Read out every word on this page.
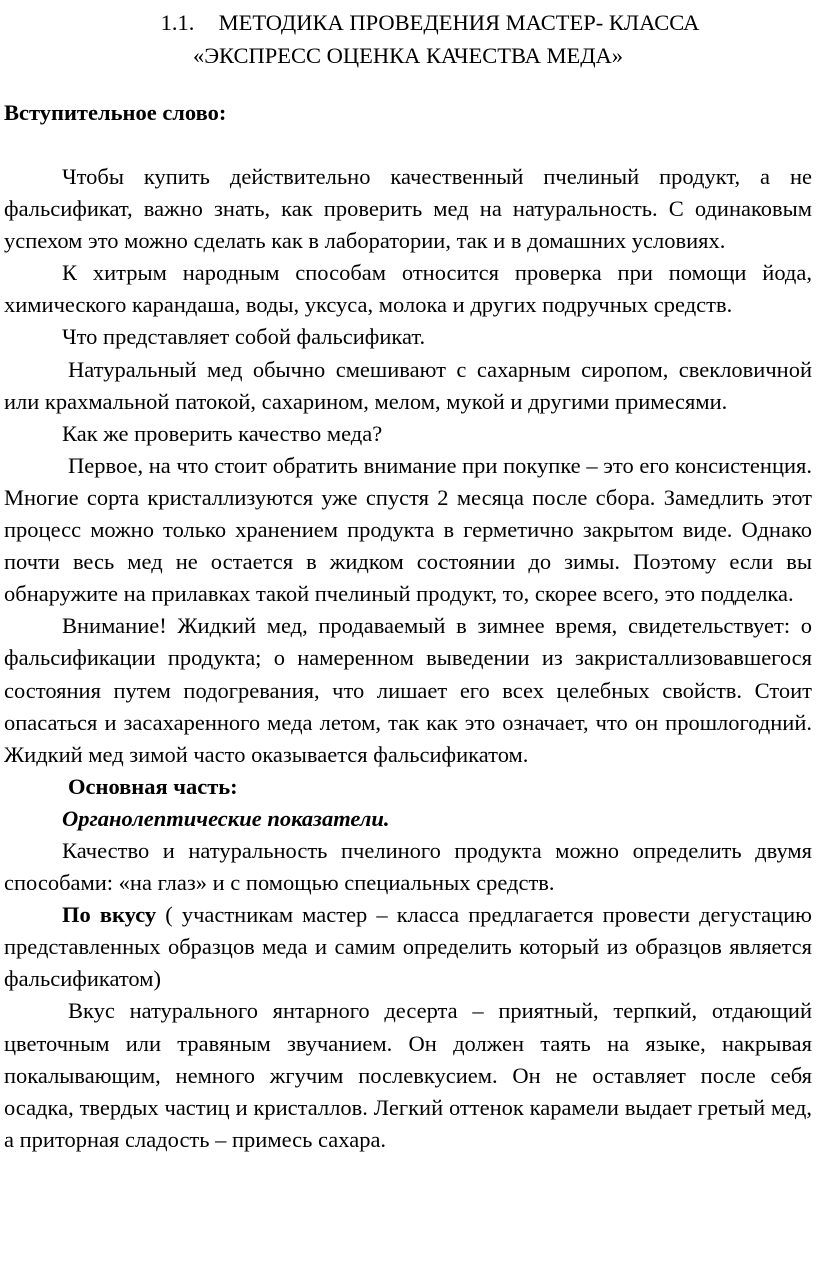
1.1. МЕТОДИКА ПРОВЕДЕНИЯ МАСТЕР- КЛАССА
«ЭКСПРЕСС ОЦЕНКА КАЧЕСТВА МЕДА»
Вступительное слово:

Чтобы купить действительно качественный пчелиный продукт, а не фальсификат, важно знать, как проверить мед на натуральность. С одинаковым успехом это можно сделать как в лаборатории, так и в домашних условиях.

К хитрым народным способам относится проверка при помощи йода, химического карандаша, воды, уксуса, молока и других подручных средств.

Что представляет собой фальсификат.

Натуральный мед обычно смешивают с сахарным сиропом, свекловичной или крахмальной патокой, сахарином, мелом, мукой и другими примесями.

Как же проверить качество меда?

Первое, на что стоит обратить внимание при покупке – это его консистенция. Многие сорта кристаллизуются уже спустя 2 месяца после сбора. Замедлить этот процесс можно только хранением продукта в герметично закрытом виде. Однако почти весь мед не остается в жидком состоянии до зимы. Поэтому если вы обнаружите на прилавках такой пчелиный продукт, то, скорее всего, это подделка.

Внимание! Жидкий мед, продаваемый в зимнее время, свидетельствует: о фальсификации продукта; о намеренном выведении из закристаллизовавшегося состояния путем подогревания, что лишает его всех целебных свойств. Стоит опасаться и засахаренного меда летом, так как это означает, что он прошлогодний. Жидкий мед зимой часто оказывается фальсификатом.

Основная часть:
Органолептические показатели.

Качество и натуральность пчелиного продукта можно определить двумя способами: «на глаз» и с помощью специальных средств.

По вкусу ( участникам мастер – класса предлагается провести дегустацию представленных образцов меда и самим определить который из образцов является фальсификатом)

Вкус натурального янтарного десерта – приятный, терпкий, отдающий цветочным или травяным звучанием. Он должен таять на языке, накрывая покалывающим, немного жгучим послевкусием. Он не оставляет после себя осадка, твердых частиц и кристаллов. Легкий оттенок карамели выдает гретый мед, а приторная сладость – примесь сахара.
